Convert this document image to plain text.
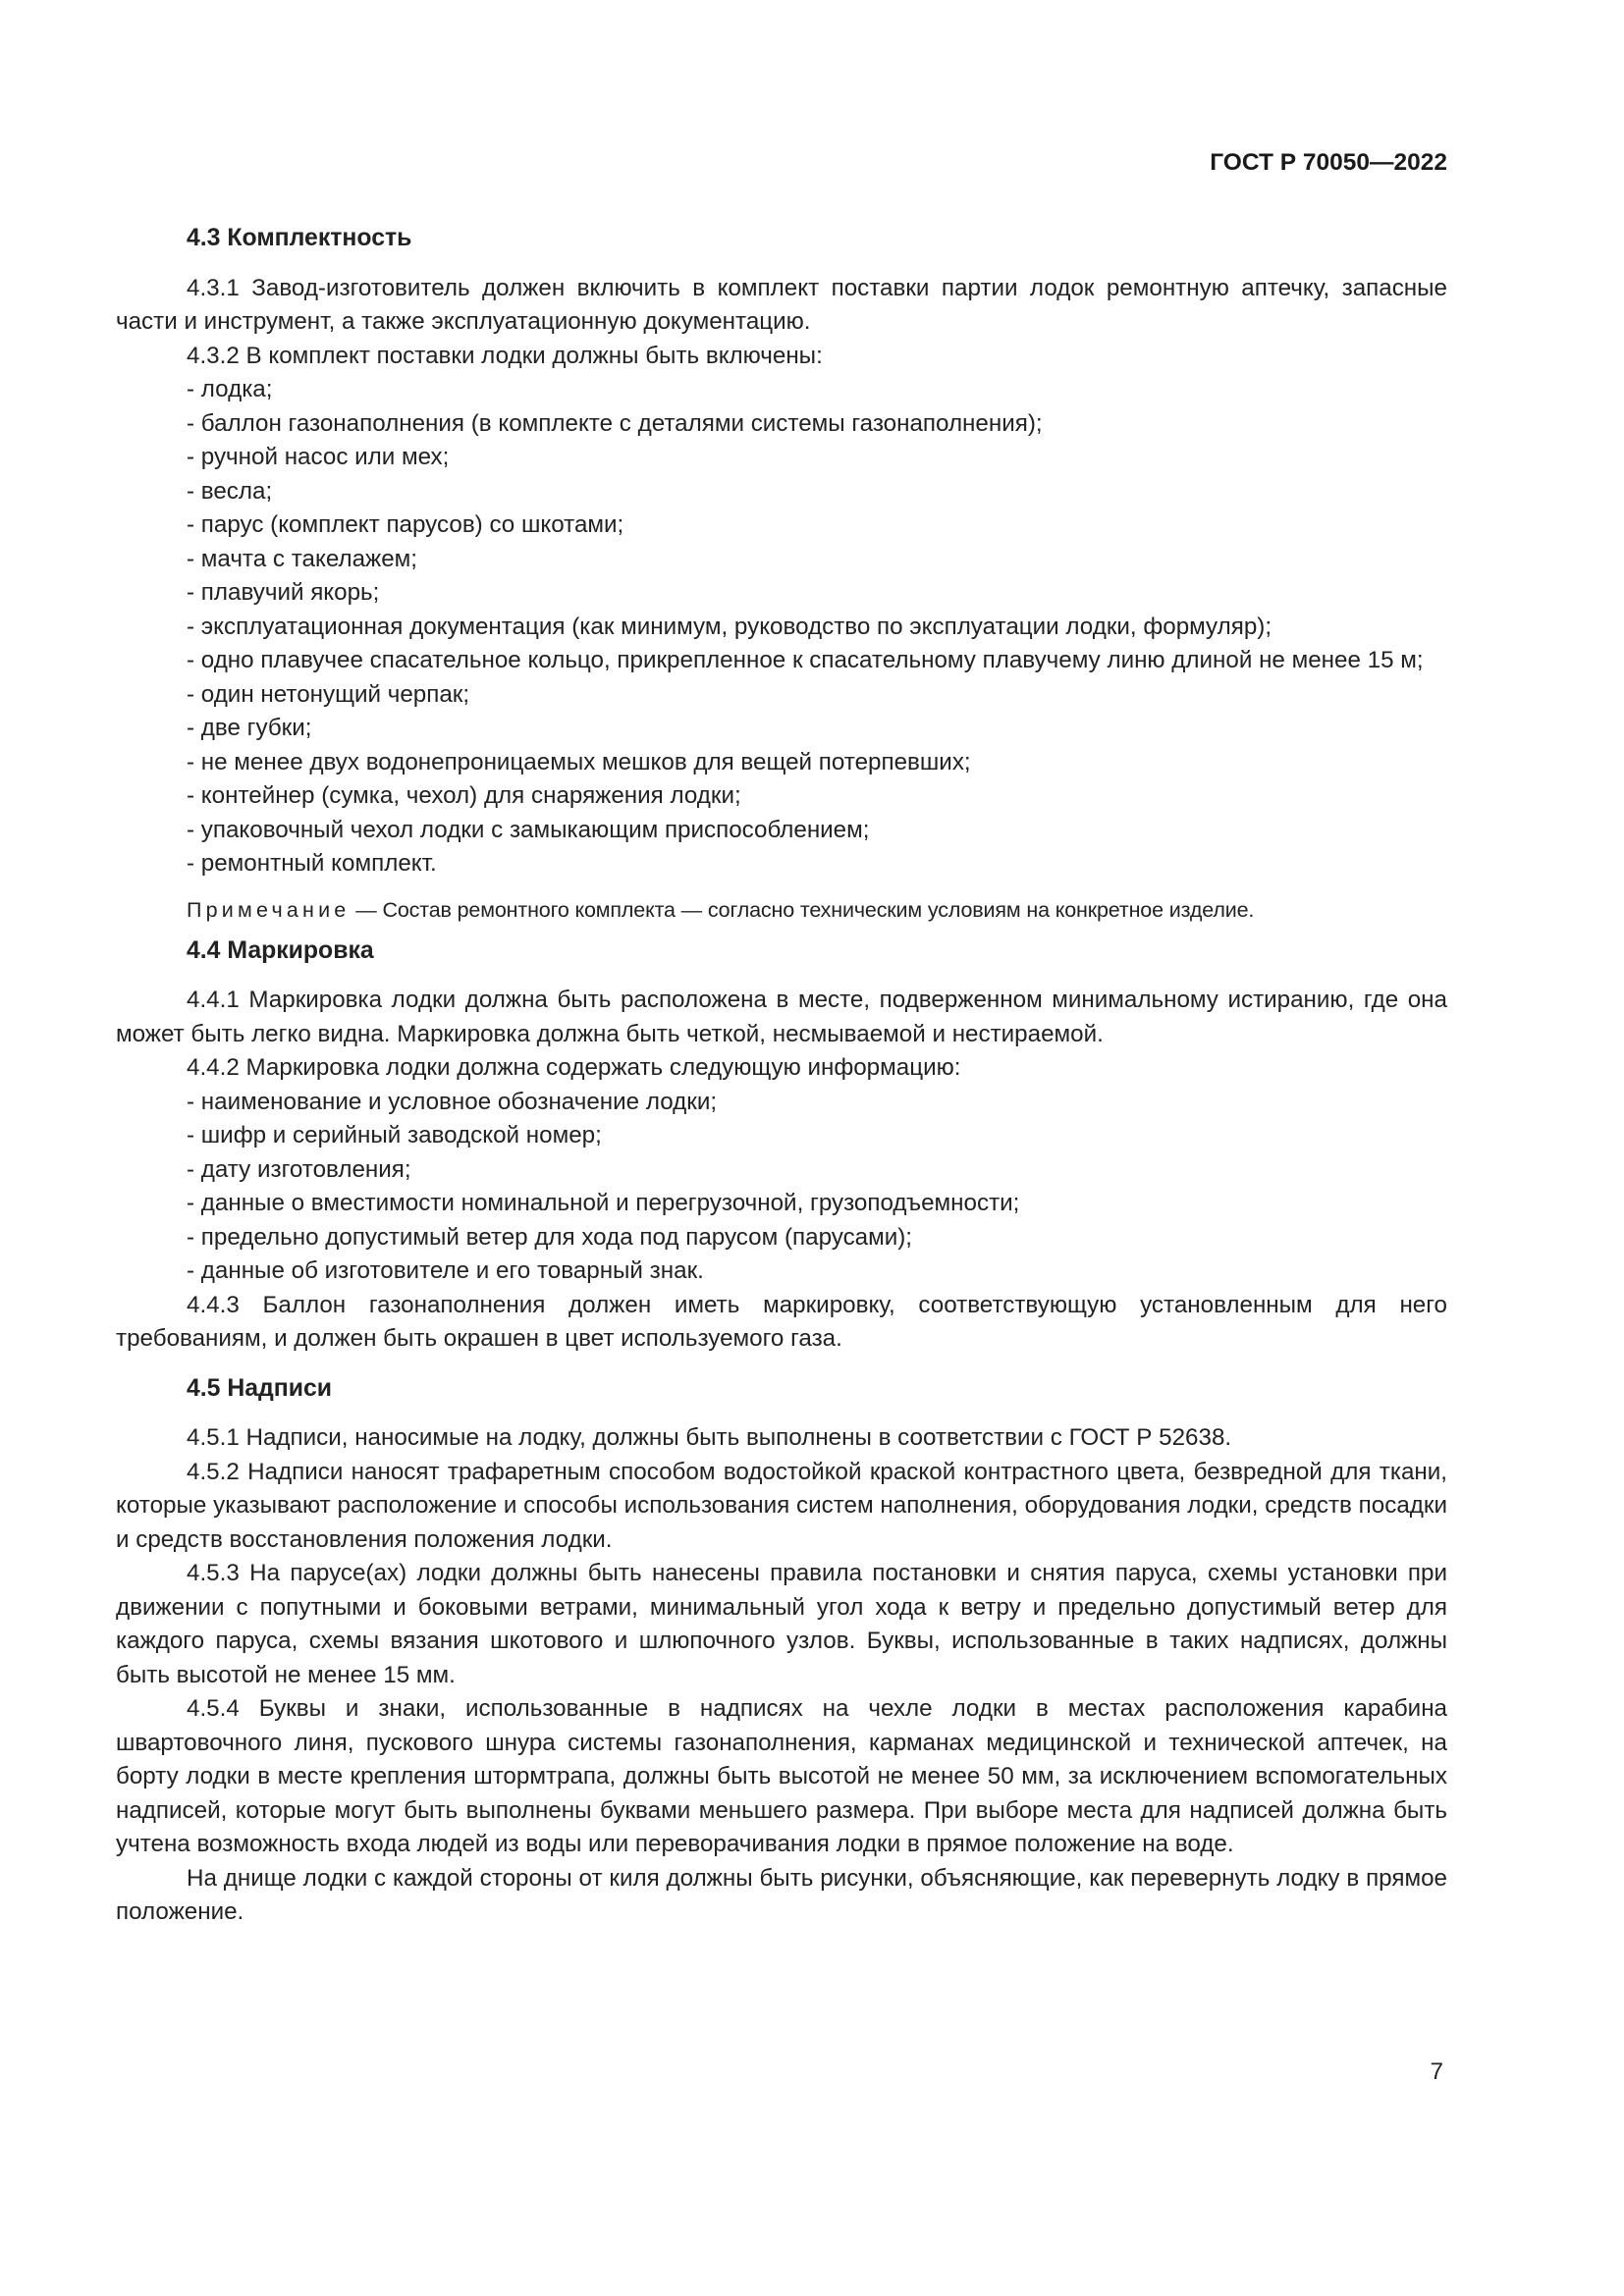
ГОСТ Р 70050—2022
4.3 Комплектность

4.3.1 Завод-изготовитель должен включить в комплект поставки партии лодок ремонтную аптечку, запасные части и инструмент, а также эксплуатационную документацию.

4.3.2 В комплект поставки лодки должны быть включены:

- лодка;

- баллон газонаполнения (в комплекте с деталями системы газонаполнения);

- ручной насос или мех;

- весла;

- парус (комплект парусов) со шкотами;

- мачта с такелажем;

- плавучий якорь;

- эксплуатационная документация (как минимум, руководство по эксплуатации лодки, формуляр);

- одно плавучее спасательное кольцо, прикрепленное к спасательному плавучему линю длиной не менее 15 м;

- один нетонущий черпак;

- две губки;

- не менее двух водонепроницаемых мешков для вещей потерпевших;

- контейнер (сумка, чехол) для снаряжения лодки;

- упаковочный чехол лодки с замыкающим приспособлением;

- ремонтный комплект.

Примечание — Состав ремонтного комплекта — согласно техническим условиям на конкретное изделие.

4.4 Маркировка

4.4.1 Маркировка лодки должна быть расположена в месте, подверженном минимальному истиранию, где она может быть легко видна. Маркировка должна быть четкой, несмываемой и нестираемой.

4.4.2 Маркировка лодки должна содержать следующую информацию:

- наименование и условное обозначение лодки;

- шифр и серийный заводской номер;

- дату изготовления;

- данные о вместимости номинальной и перегрузочной, грузоподъемности;

- предельно допустимый ветер для хода под парусом (парусами);

- данные об изготовителе и его товарный знак.

4.4.3 Баллон газонаполнения должен иметь маркировку, соответствующую установленным для него требованиям, и должен быть окрашен в цвет используемого газа.

4.5 Надписи

4.5.1 Надписи, наносимые на лодку, должны быть выполнены в соответствии с ГОСТ Р 52638.

4.5.2 Надписи наносят трафаретным способом водостойкой краской контрастного цвета, безвредной для ткани, которые указывают расположение и способы использования систем наполнения, оборудования лодки, средств посадки и средств восстановления положения лодки.

4.5.3 На парусе(ах) лодки должны быть нанесены правила постановки и снятия паруса, схемы установки при движении с попутными и боковыми ветрами, минимальный угол хода к ветру и предельно допустимый ветер для каждого паруса, схемы вязания шкотового и шлюпочного узлов. Буквы, использованные в таких надписях, должны быть высотой не менее 15 мм.

4.5.4 Буквы и знаки, использованные в надписях на чехле лодки в местах расположения карабина швартовочного линя, пускового шнура системы газонаполнения, карманах медицинской и технической аптечек, на борту лодки в месте крепления штормтрапа, должны быть высотой не менее 50 мм, за исключением вспомогательных надписей, которые могут быть выполнены буквами меньшего размера. При выборе места для надписей должна быть учтена возможность входа людей из воды или переворачивания лодки в прямое положение на воде.

На днище лодки с каждой стороны от киля должны быть рисунки, объясняющие, как перевернуть лодку в прямое положение.

7
